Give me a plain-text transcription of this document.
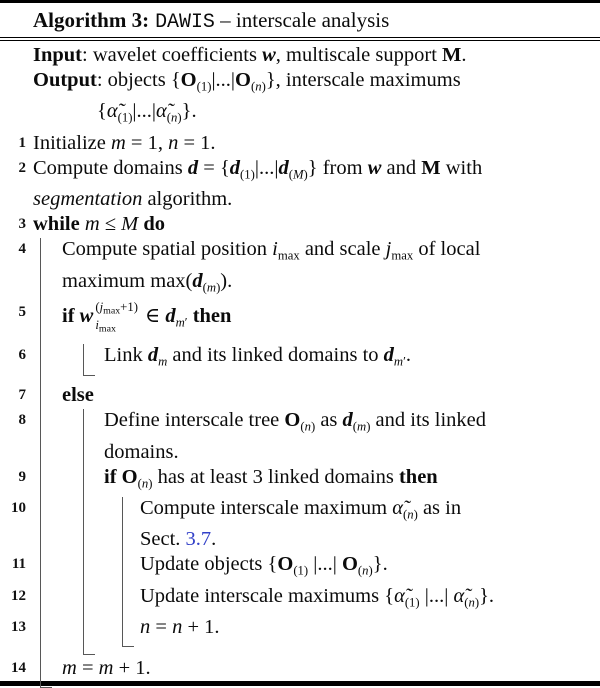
Algorithm 3: DAWIS – interscale analysis
Input: wavelet coefficients w, multiscale support M.
Output: objects $\{O_{(1)}|...|O_{(n)}\}$, interscale maximums
$\{\alphã_{(1)}|...|\alphã_{(n)}\}$.
1 Initialize m = 1, n = 1.
2 Compute domains $d = \{d_{(1)}|...|d_{(M)}\}$ from w and M with
segmentation algorithm.
3 while m ≤ M do
4 Compute spatial position $i_{max}$ and scale $j_{max}$ of local
maximum $\max(d_{(m)})$.
5 if w (jmax+1)
imax
∈ $d_{m'}$ then
6	Link $d_m$ and its linked domains to $d_{m'}$.
7 else
8	Define interscale tree $O_{(n)}$ as $d_{(m)}$ and its linked
domains.
9	if $O_{(n)}$ has at least 3 linked domains then
10	Compute interscale maximum $\alphã_{(n)}$ as in
Sect. 3.7.
11	Update objects {$O_{(1)}$ |...| $O_{(n)}$}.
12	Update interscale maximums {$\alphã_{(1)}$ |...| $\alphã_{(n)}$}.
13	n = n + 1.
14 m = m + 1.
